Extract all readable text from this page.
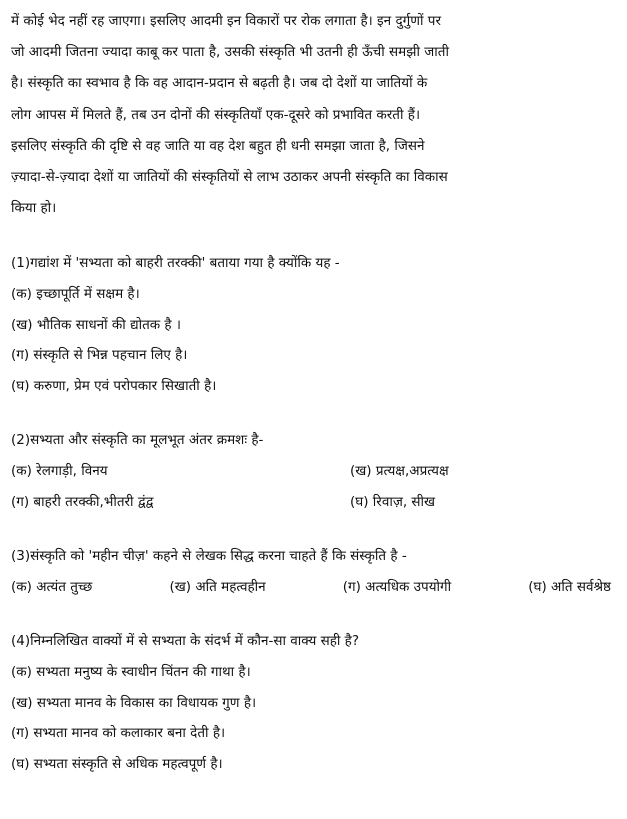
में कोई भेद नहीं रह जाएगा। इसलिए आदमी इन विकारों पर रोक लगाता है। इन दुर्गुणों पर
जो आदमी जितना ज्यादा काबू कर पाता है, उसकी संस्कृति भी उतनी ही ऊँची समझी जाती
है। संस्कृति का स्वभाव है कि वह आदान-प्रदान से बढ़ती है। जब दो देशों या जातियों के
लोग आपस में मिलते हैं, तब उन दोनों की संस्कृतियाँ एक-दूसरे को प्रभावित करती हैं।
इसलिए संस्कृति की दृष्टि से वह जाति या वह देश बहुत ही धनी समझा जाता है, जिसने
ज़्यादा-से-ज़्यादा देशों या जातियों की संस्कृतियों से लाभ उठाकर अपनी संस्कृति का विकास
किया हो।
(1)गद्यांश में 'सभ्यता को बाहरी तरक्की' बताया गया है क्योंकि यह -
(क) इच्छापूर्ति में सक्षम है।
(ख) भौतिक साधनों की द्योतक है ।
(ग) संस्कृति से भिन्न पहचान लिए है।
(घ) करुणा, प्रेम एवं परोपकार सिखाती है।
(2)सभ्यता और संस्कृति का मूलभूत अंतर क्रमशः है-
(क) रेलगाड़ी, विनय	(ख) प्रत्यक्ष,अप्रत्यक्ष
(ग) बाहरी तरक्की,भीतरी द्वंद्व	(घ) रिवाज़, सीख
(3)संस्कृति को 'महीन चीज़' कहने से लेखक सिद्ध करना चाहते हैं कि संस्कृति है -
(क) अत्यंत तुच्छ	(ख) अति महत्वहीन	(ग) अत्यधिक उपयोगी	(घ) अति सर्वश्रेष्ठ
(4)निम्नलिखित वाक्यों में से सभ्यता के संदर्भ में कौन-सा वाक्य सही है?
(क) सभ्यता मनुष्य के स्वाधीन चिंतन की गाथा है।
(ख) सभ्यता मानव के विकास का विधायक गुण है।
(ग) सभ्यता मानव को कलाकार बना देती है।
(घ) सभ्यता संस्कृति से अधिक महत्वपूर्ण है।
